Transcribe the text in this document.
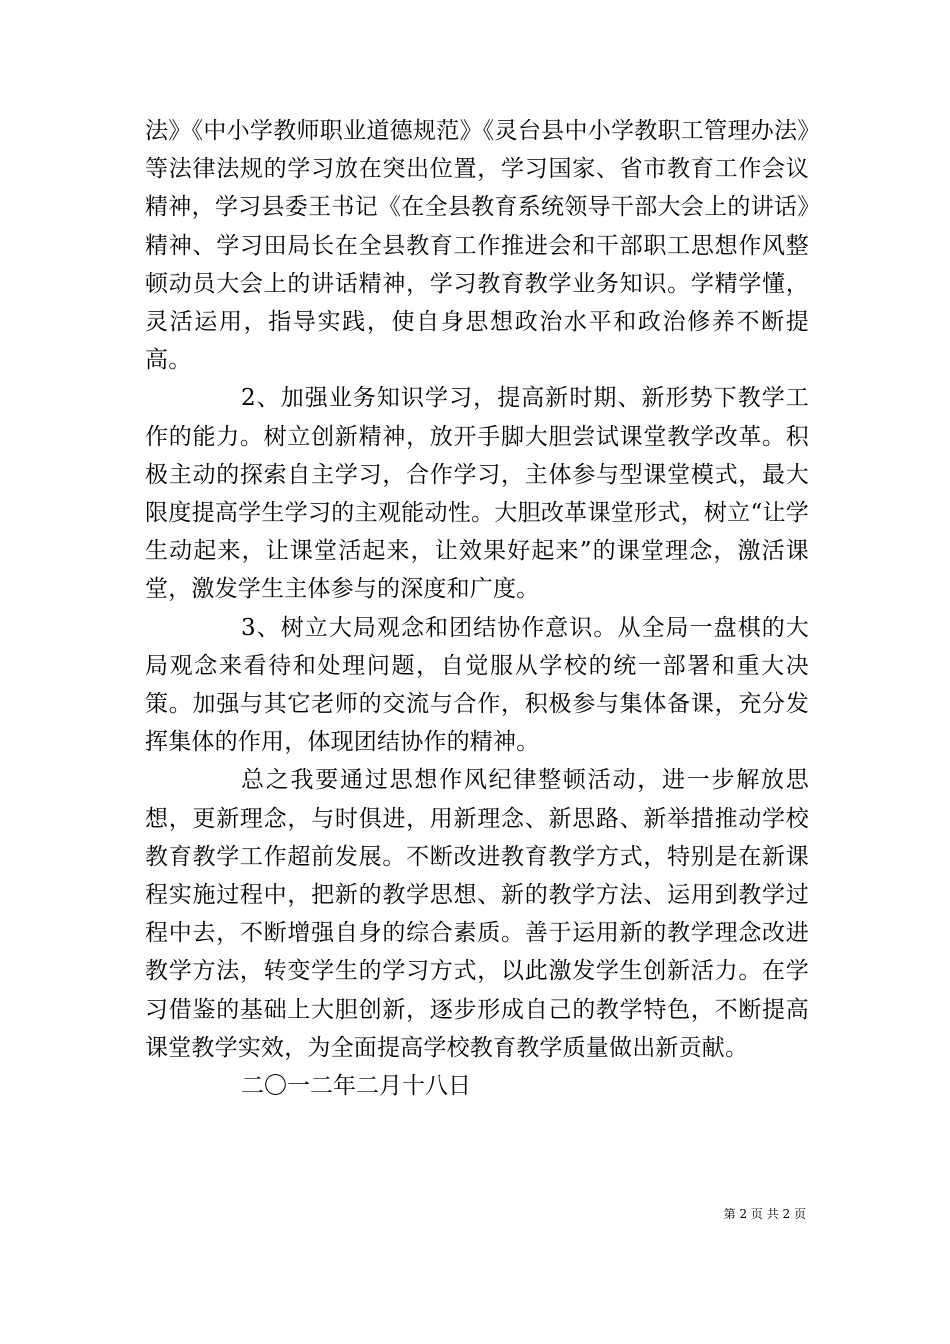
法》《中小学教师职业道德规范》《灵台县中小学教职工管理办法》等法律法规的学习放在突出位置，学习国家、省市教育工作会议精神，学习县委王书记《在全县教育系统领导干部大会上的讲话》精神、学习田局长在全县教育工作推进会和干部职工思想作风整顿动员大会上的讲话精神，学习教育教学业务知识。学精学懂，灵活运用，指导实践，使自身思想政治水平和政治修养不断提高。

2、加强业务知识学习，提高新时期、新形势下教学工作的能力。树立创新精神，放开手脚大胆尝试课堂教学改革。积极主动的探索自主学习，合作学习，主体参与型课堂模式，最大限度提高学生学习的主观能动性。大胆改革课堂形式，树立“让学生动起来，让课堂活起来，让效果好起来”的课堂理念，激活课堂，激发学生主体参与的深度和广度。

3、树立大局观念和团结协作意识。从全局一盘棋的大局观念来看待和处理问题，自觉服从学校的统一部署和重大决策。加强与其它老师的交流与合作，积极参与集体备课，充分发挥集体的作用，体现团结协作的精神。

总之我要通过思想作风纪律整顿活动，进一步解放思想，更新理念，与时俱进，用新理念、新思路、新举措推动学校教育教学工作超前发展。不断改进教育教学方式，特别是在新课程实施过程中，把新的教学思想、新的教学方法、运用到教学过程中去，不断增强自身的综合素质。善于运用新的教学理念改进教学方法，转变学生的学习方式，以此激发学生创新活力。在学习借鉴的基础上大胆创新，逐步形成自己的教学特色，不断提高课堂教学实效，为全面提高学校教育教学质量做出新贡献。

二〇一二年二月十八日

第 2 页 共 2 页
